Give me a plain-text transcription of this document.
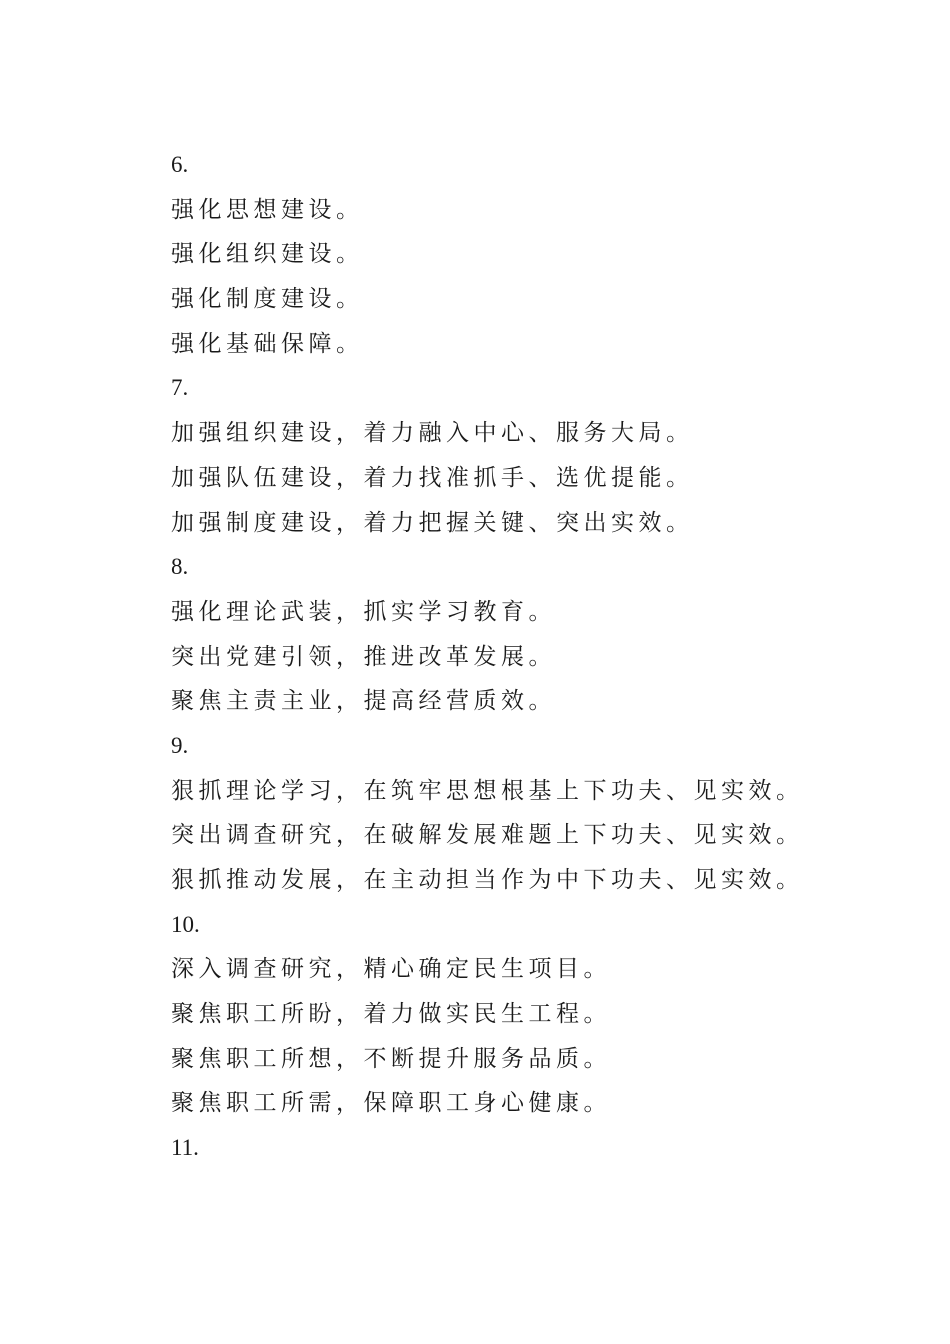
6.
强化思想建设。
强化组织建设。
强化制度建设。
强化基础保障。
7.
加强组织建设，着力融入中心、服务大局。
加强队伍建设，着力找准抓手、选优提能。
加强制度建设，着力把握关键、突出实效。
8.
强化理论武装，抓实学习教育。
突出党建引领，推进改革发展。
聚焦主责主业，提高经营质效。
9.
狠抓理论学习，在筑牢思想根基上下功夫、见实效。
突出调查研究，在破解发展难题上下功夫、见实效。
狠抓推动发展，在主动担当作为中下功夫、见实效。
10.
深入调查研究，精心确定民生项目。
聚焦职工所盼，着力做实民生工程。
聚焦职工所想，不断提升服务品质。
聚焦职工所需，保障职工身心健康。
11.
